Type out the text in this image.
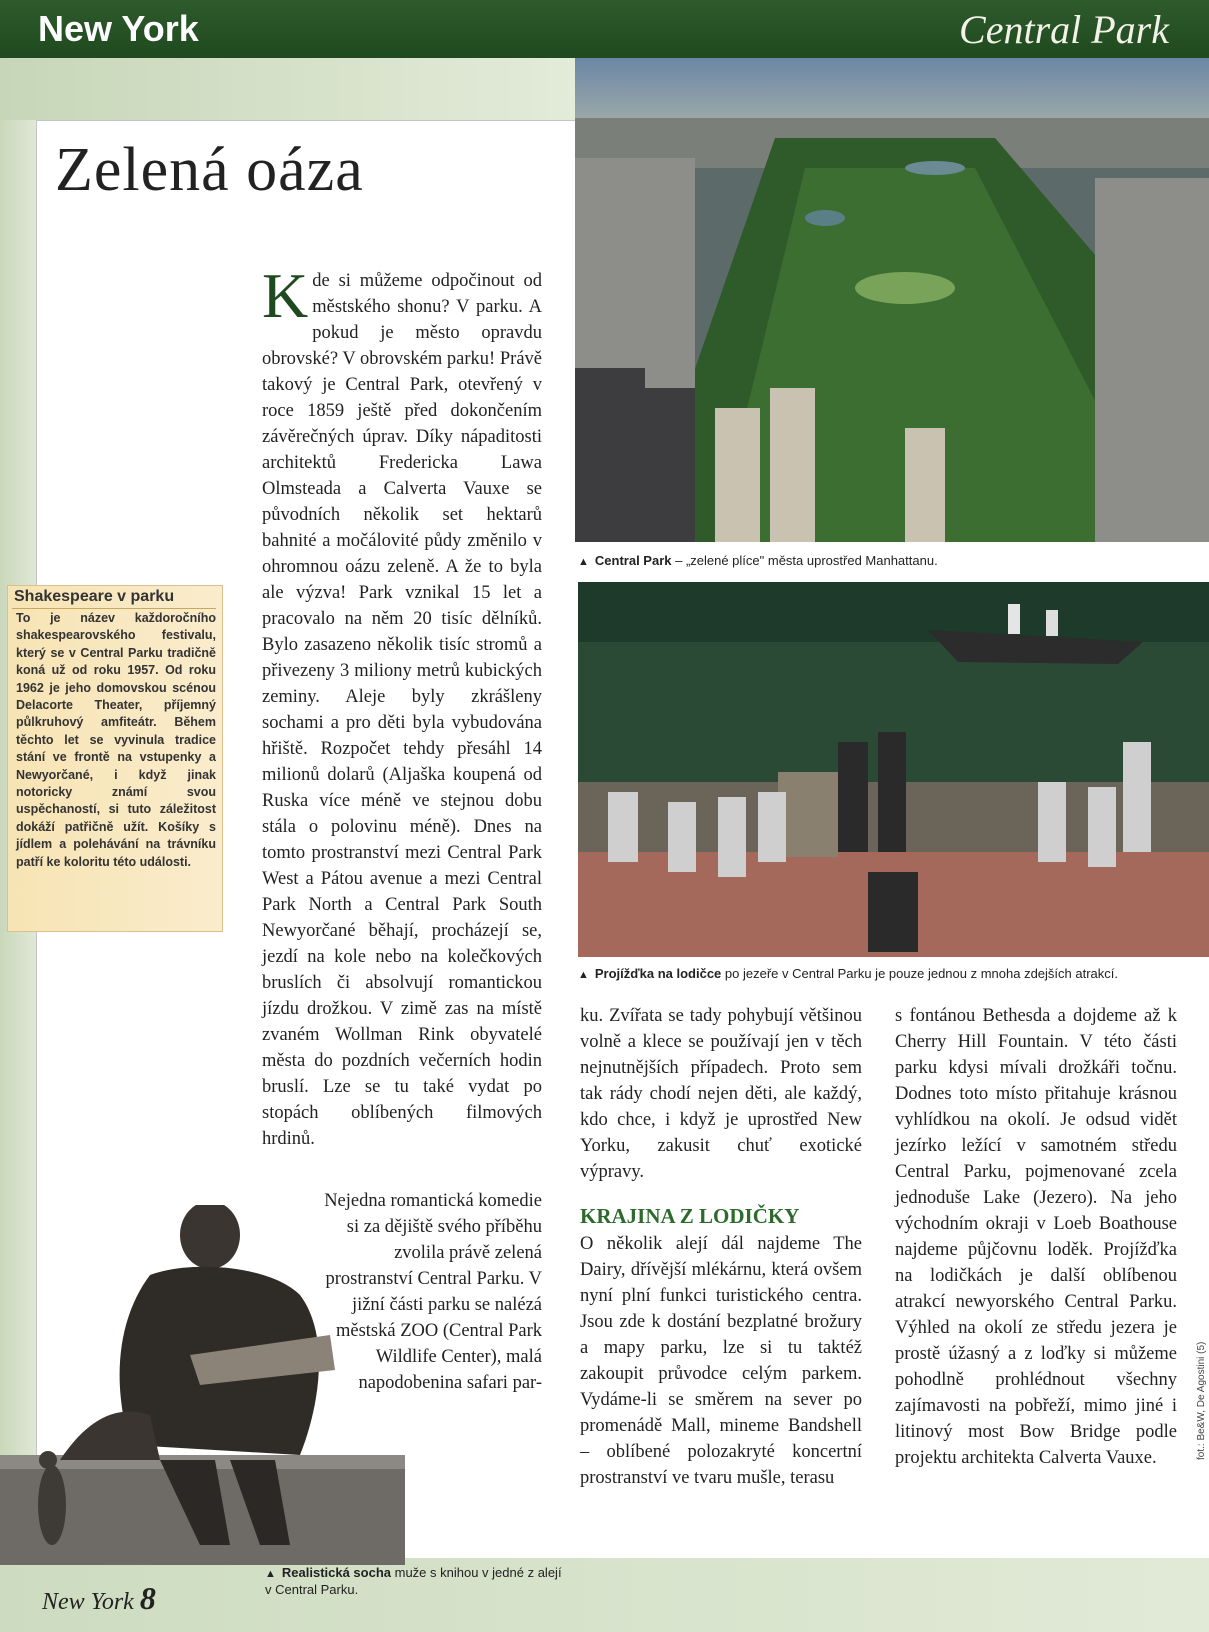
New York	Central Park
Zelená oáza
▲ Central Park – „zelené plíce" města uprostřed Manhattanu.
▲ Projížďka na lodičce po jezeře v Central Parku je pouze jednou z mnoha zdejších atrakcí.
Shakespeare v parku
To je název každoročního shakespearovského festivalu, který se v Central Parku tradičně koná už od roku 1957. Od roku 1962 je jeho domovskou scénou Delacorte Theater, příjemný půlkruhový amfiteátr. Během těchto let se vyvinula tradice stání ve frontě na vstupenky a Newyorčané, i když jinak notoricky známí svou uspěchaností, si tuto záležitost dokáží patřičně užít. Košíky s jídlem a polehávání na trávníku patří ke koloritu této události.
Kde si můžeme odpočinout od městského shonu? V parku. A pokud je město opravdu obrovské? V obrovském parku! Právě takový je Central Park, otevřený v roce 1859 ještě před dokončením závěrečných úprav. Díky nápaditosti architektů Fredericka Lawa Olmsteada a Calverta Vauxe se původních několik set hektarů bahnité a močálovité půdy změnilo v ohromnou oázu zeleně. A že to byla ale výzva! Park vznikal 15 let a pracovalo na něm 20 tisíc dělníků. Bylo zasazeno několik tisíc stromů a přivezeny 3 miliony metrů kubických zeminy. Aleje byly zkrášleny sochami a pro děti byla vybudována hřiště. Rozpočet tehdy přesáhl 14 milionů dolarů (Aljaška koupená od Ruska více méně ve stejnou dobu stála o polovinu méně). Dnes na tomto prostranství mezi Central Park West a Pátou avenue a mezi Central Park North a Central Park South Newyorčané běhají, procházejí se, jezdí na kole nebo na kolečkových bruslích či absolvují romantickou jízdu drožkou. V zimě zas na místě zvaném Wollman Rink obyvatelé města do pozdních večerních hodin bruslí. Lze se tu také vydat po stopách oblíbených filmových hrdinů.
Nejedna romantická komedie si za dějiště svého příběhu zvolila právě zelená prostranství Central Parku. V jižní části parku se nalézá městská ZOO (Central Park Wildlife Center), malá napodobenina safari par-
ku. Zvířata se tady pohybují většinou volně a klece se používají jen v těch nejnutnějších případech. Proto sem tak rády chodí nejen děti, ale každý, kdo chce, i když je uprostřed New Yorku, zakusit chuť exotické výpravy.
KRAJINA Z LODIČKY
O několik alejí dál najdeme The Dairy, dřívější mlékárnu, která ovšem nyní plní funkci turistického centra. Jsou zde k dostání bezplatné brožury a mapy parku, lze si tu taktéž zakoupit průvodce celým parkem. Vydáme-li se směrem na sever po promenádě Mall, mineme Bandshell – oblíbené polozakryté koncertní prostranství ve tvaru mušle, terasu
s fontánou Bethesda a dojdeme až k Cherry Hill Fountain. V této části parku kdysi mívali drožkáři točnu. Dodnes toto místo přitahuje krásnou vyhlídkou na okolí. Je odsud vidět jezírko ležící v samotném středu Central Parku, pojmenované zcela jednoduše Lake (Jezero). Na jeho východním okraji v Loeb Boathouse najdeme půjčovnu loděk. Projížďka na lodičkách je další oblíbenou atrakcí newyorského Central Parku. Výhled na okolí ze středu jezera je prostě úžasný a z loďky si můžeme pohodlně prohlédnout všechny zajímavosti na pobřeží, mimo jiné i litinový most Bow Bridge podle projektu architekta Calverta Vauxe.
▲ Realistická socha muže s knihou v jedné z alejí v Central Parku.
New York 8
fot.: Be&W, De Agostini (5)
